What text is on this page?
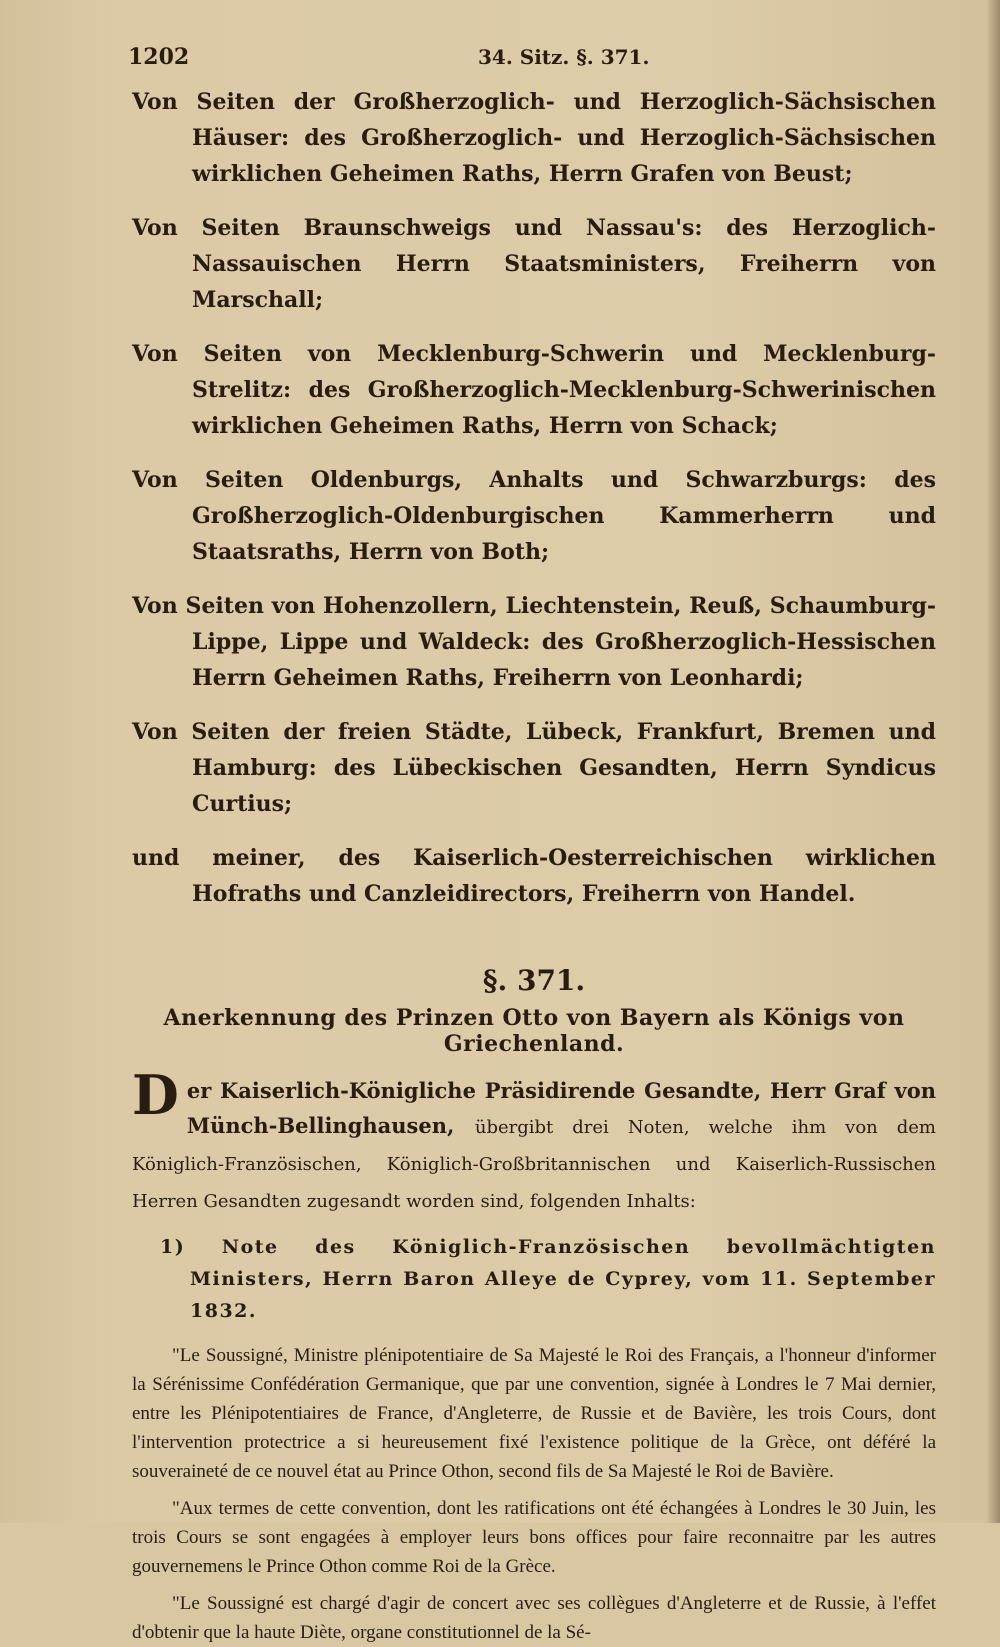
1202	34. Sitz. §. 371.

Von Seiten der Großherzoglich- und Herzoglich-Sächsischen Häuser: des Großherzoglich- und Herzoglich-Sächsischen wirklichen Geheimen Raths, Herrn Grafen von Beust;

Von Seiten Braunschweigs und Nassau's: des Herzoglich-Nassauischen Herrn Staatsministers, Freiherrn von Marschall;

Von Seiten von Mecklenburg-Schwerin und Mecklenburg-Strelitz: des Großherzoglich-Mecklenburg-Schwerinischen wirklichen Geheimen Raths, Herrn von Schack;

Von Seiten Oldenburgs, Anhalts und Schwarzburgs: des Großherzoglich-Oldenburgischen Kammerherrn und Staatsraths, Herrn von Both;

Von Seiten von Hohenzollern, Liechtenstein, Reuß, Schaumburg-Lippe, Lippe und Waldeck: des Großherzoglich-Hessischen Herrn Geheimen Raths, Freiherrn von Leonhardi;

Von Seiten der freien Städte, Lübeck, Frankfurt, Bremen und Hamburg: des Lübeckischen Gesandten, Herrn Syndicus Curtius;

und meiner, des Kaiserlich-Oesterreichischen wirklichen Hofraths und Canzleidirectors, Freiherrn von Handel.

§. 371.
Anerkennung des Prinzen Otto von Bayern als Königs von Griechenland.

Der Kaiserlich-Königliche Präsidirende Gesandte, Herr Graf von Münch-Bellinghausen, übergibt drei Noten, welche ihm von dem Königlich-Französischen, Königlich-Großbritannischen und Kaiserlich-Russischen Herren Gesandten zugesandt worden sind, folgenden Inhalts:

1) Note des Königlich-Französischen bevollmächtigten Ministers, Herrn Baron Alleye de Cyprey, vom 11. September 1832.

"Le Soussigné, Ministre plénipotentiaire de Sa Majesté le Roi des Français, a l'honneur d'informer la Sérénissime Confédération Germanique, que par une convention, signée à Londres le 7 Mai dernier, entre les Plénipotentiaires de France, d'Angleterre, de Russie et de Bavière, les trois Cours, dont l'intervention protectrice a si heureusement fixé l'existence politique de la Grèce, ont déféré la souveraineté de ce nouvel état au Prince Othon, second fils de Sa Majesté le Roi de Bavière.

"Aux termes de cette convention, dont les ratifications ont été échangées à Londres le 30 Juin, les trois Cours se sont engagées à employer leurs bons offices pour faire reconnaitre par les autres gouvernemens le Prince Othon comme Roi de la Grèce.

"Le Soussigné est chargé d'agir de concert avec ses collègues d'Angleterre et de Russie, à l'effet d'obtenir que la haute Diète, organe constitutionnel de la Sé-
